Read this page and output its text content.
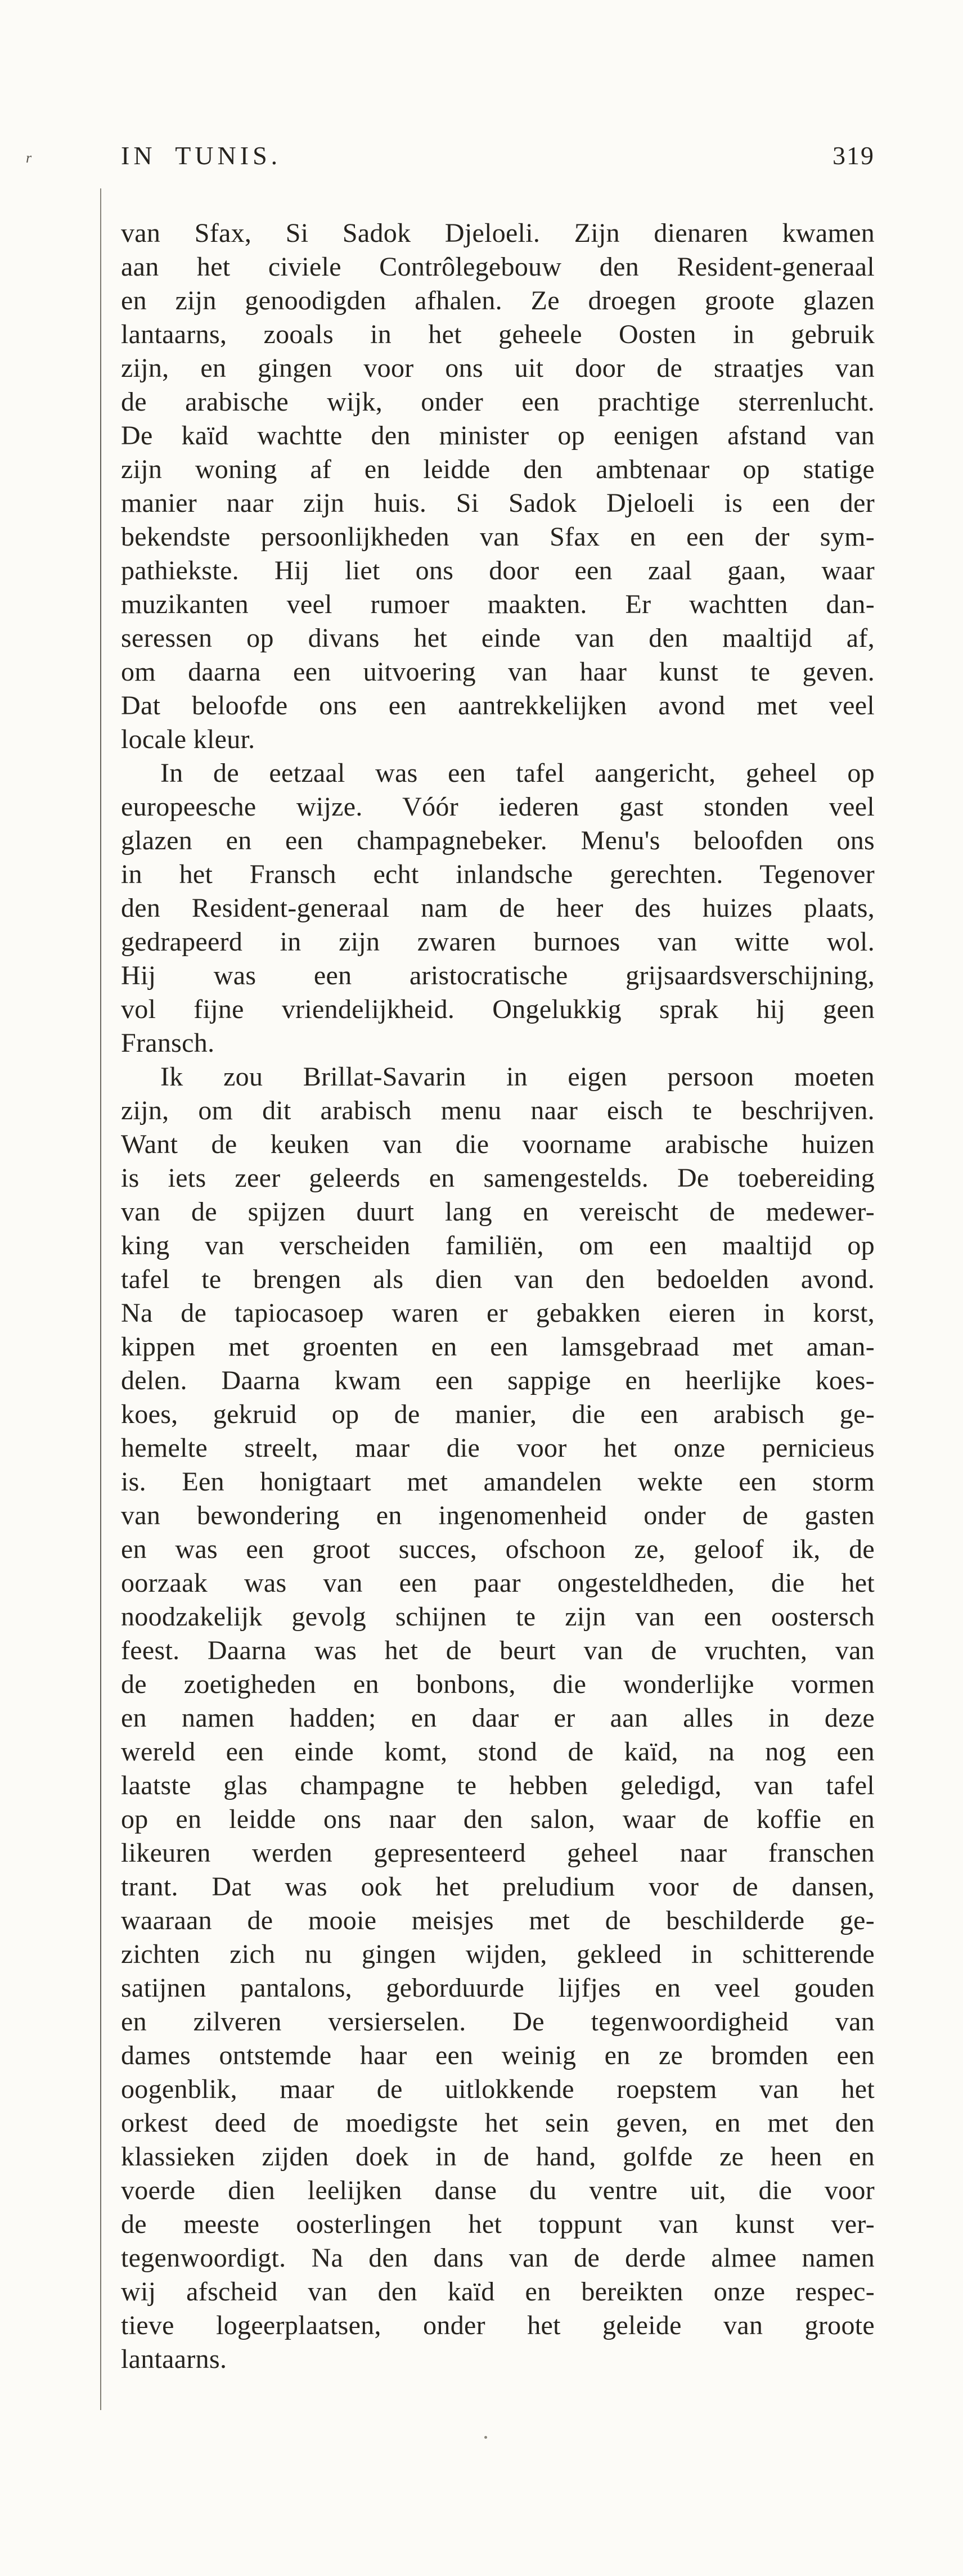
r	IN TUNIS.	319
van Sfax, Si Sadok Djeloeli. Zijn dienaren kwamen
aan het civiele Contrôlegebouw den Resident-generaal
en zijn genoodigden afhalen. Ze droegen groote glazen
lantaarns, zooals in het geheele Oosten in gebruik
zijn, en gingen voor ons uit door de straatjes van
de arabische wijk, onder een prachtige sterrenlucht.
De kaïd wachtte den minister op eenigen afstand van
zijn woning af en leidde den ambtenaar op statige
manier naar zijn huis. Si Sadok Djeloeli is een der
bekendste persoonlijkheden van Sfax en een der sym-
pathiekste. Hij liet ons door een zaal gaan, waar
muzikanten veel rumoer maakten. Er wachtten dan-
seressen op divans het einde van den maaltijd af,
om daarna een uitvoering van haar kunst te geven.
Dat beloofde ons een aantrekkelijken avond met veel
locale kleur.
In de eetzaal was een tafel aangericht, geheel op
europeesche wijze. Vóór iederen gast stonden veel
glazen en een champagnebeker. Menu's beloofden ons
in het Fransch echt inlandsche gerechten. Tegenover
den Resident-generaal nam de heer des huizes plaats,
gedrapeerd in zijn zwaren burnoes van witte wol.
Hij was een aristocratische grijsaardsverschijning,
vol fijne vriendelijkheid. Ongelukkig sprak hij geen
Fransch.
Ik zou Brillat-Savarin in eigen persoon moeten
zijn, om dit arabisch menu naar eisch te beschrijven.
Want de keuken van die voorname arabische huizen
is iets zeer geleerds en samengestelds. De toebereiding
van de spijzen duurt lang en vereischt de medewer-
king van verscheiden familiën, om een maaltijd op
tafel te brengen als dien van den bedoelden avond.
Na de tapiocasoep waren er gebakken eieren in korst,
kippen met groenten en een lamsgebraad met aman-
delen. Daarna kwam een sappige en heerlijke koes-
koes, gekruid op de manier, die een arabisch ge-
hemelte streelt, maar die voor het onze pernicieus
is. Een honigtaart met amandelen wekte een storm
van bewondering en ingenomenheid onder de gasten
en was een groot succes, ofschoon ze, geloof ik, de
oorzaak was van een paar ongesteldheden, die het
noodzakelijk gevolg schijnen te zijn van een oostersch
feest. Daarna was het de beurt van de vruchten, van
de zoetigheden en bonbons, die wonderlijke vormen
en namen hadden; en daar er aan alles in deze
wereld een einde komt, stond de kaïd, na nog een
laatste glas champagne te hebben geledigd, van tafel
op en leidde ons naar den salon, waar de koffie en
likeuren werden gepresenteerd geheel naar franschen
trant. Dat was ook het preludium voor de dansen,
waaraan de mooie meisjes met de beschilderde ge-
zichten zich nu gingen wijden, gekleed in schitterende
satijnen pantalons, geborduurde lijfjes en veel gouden
en zilveren versierselen. De tegenwoordigheid van
dames ontstemde haar een weinig en ze bromden een
oogenblik, maar de uitlokkende roepstem van het
orkest deed de moedigste het sein geven, en met den
klassieken zijden doek in de hand, golfde ze heen en
voerde dien leelijken danse du ventre uit, die voor
de meeste oosterlingen het toppunt van kunst ver-
tegenwoordigt. Na den dans van de derde almee namen
wij afscheid van den kaïd en bereikten onze respec-
tieve logeerplaatsen, onder het geleide van groote
lantaarns.
